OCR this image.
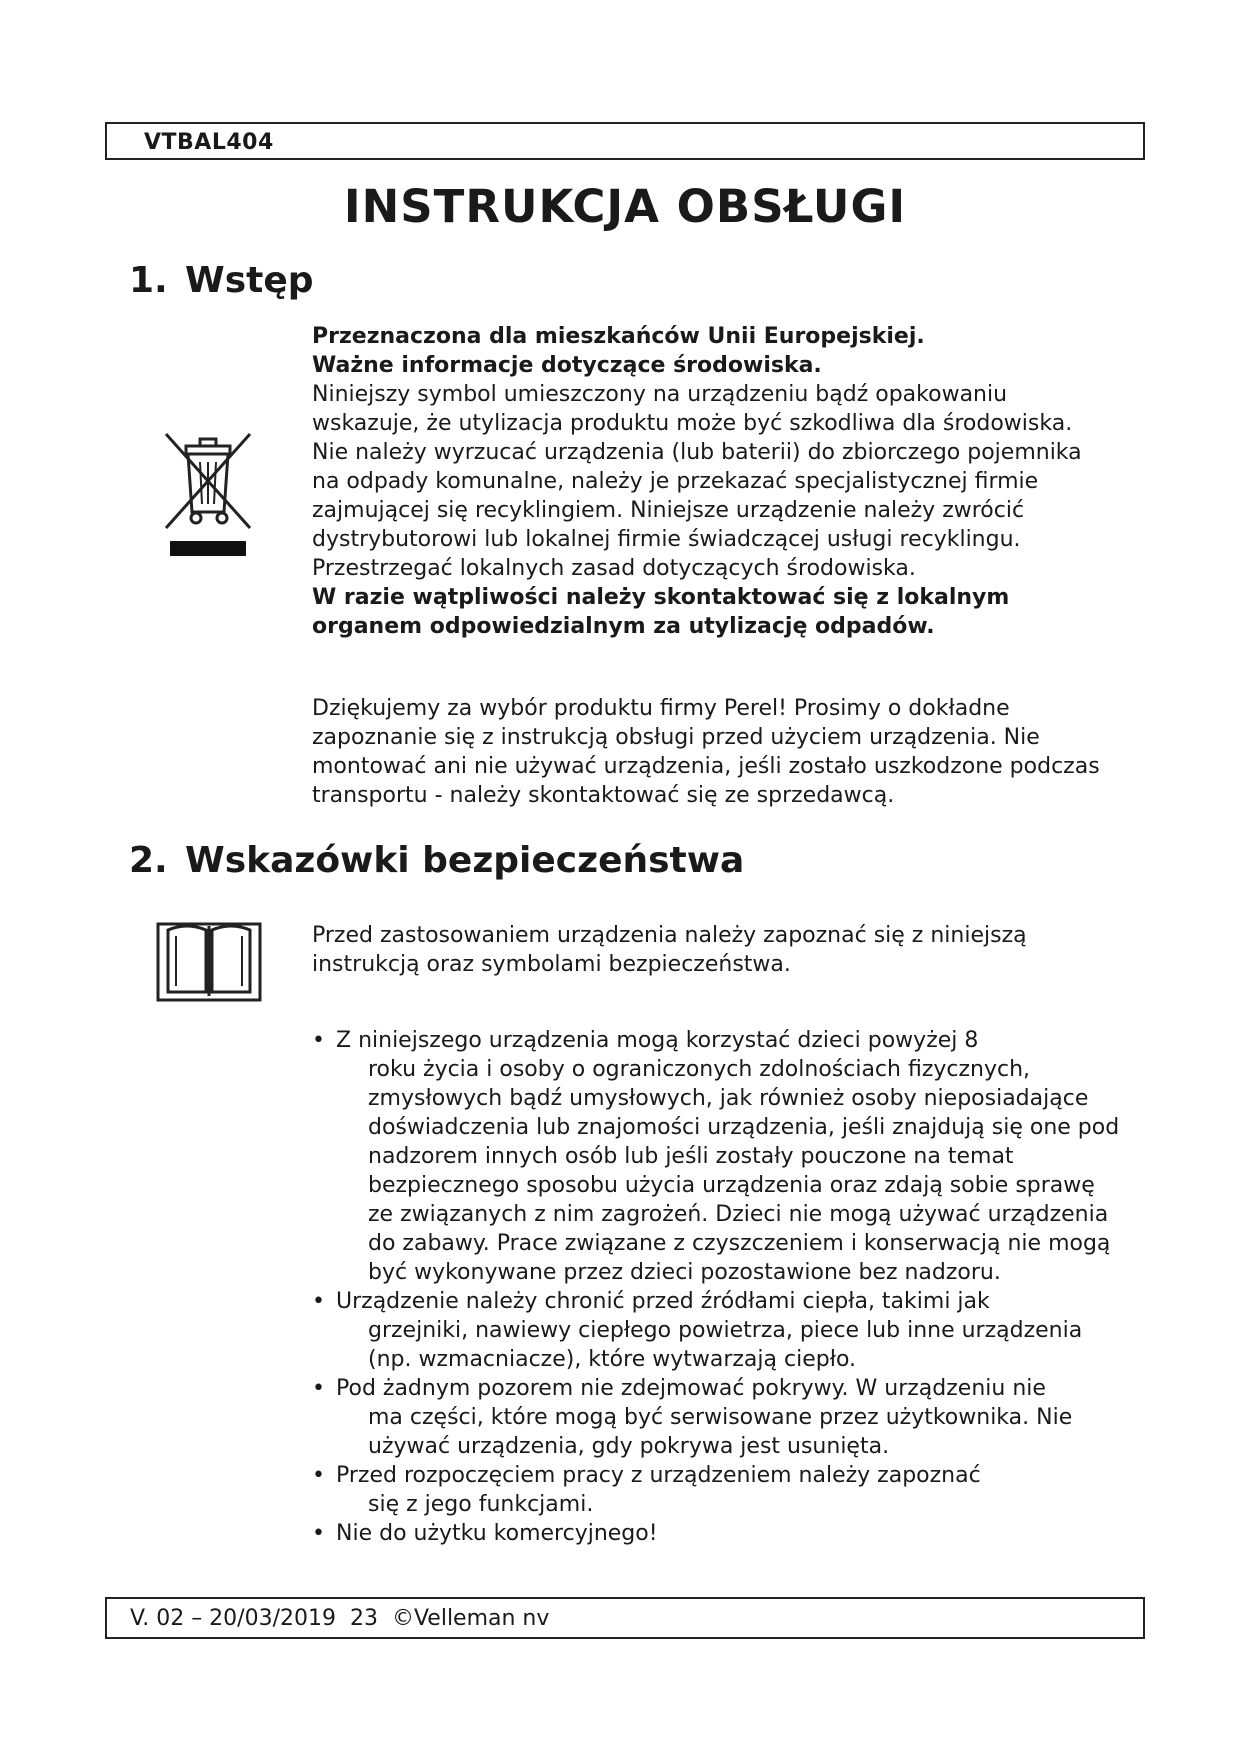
VTBAL404
INSTRUKCJA OBSŁUGI
1. Wstęp

Przeznaczona dla mieszkańców Unii Europejskiej.

Ważne informacje dotyczące środowiska.

Niniejszy symbol umieszczony na urządzeniu bądź opakowaniu wskazuje, że utylizacja produktu może być szkodliwa dla środowiska. Nie należy wyrzucać urządzenia (lub baterii) do zbiorczego pojemnika na odpady komunalne, należy je przekazać specjalistycznej firmie zajmującej się recyklingiem. Niniejsze urządzenie należy zwrócić dystrybutorowi lub lokalnej firmie świadczącej usługi recyklingu. Przestrzegać lokalnych zasad dotyczących środowiska.

W razie wątpliwości należy skontaktować się z lokalnym organem odpowiedzialnym za utylizację odpadów.

Dziękujemy za wybór produktu firmy Perel! Prosimy o dokładne zapoznanie się z instrukcją obsługi przed użyciem urządzenia. Nie montować ani nie używać urządzenia, jeśli zostało uszkodzone podczas transportu - należy skontaktować się ze sprzedawcą.

2. Wskazówki bezpieczeństwa

Przed zastosowaniem urządzenia należy zapoznać się z niniejszą instrukcją oraz symbolami bezpieczeństwa.

• Z niniejszego urządzenia mogą korzystać dzieci powyżej 8
roku życia i osoby o ograniczonych zdolnościach fizycznych, zmysłowych bądź umysłowych, jak również osoby nieposiadające doświadczenia lub znajomości urządzenia, jeśli znajdują się one pod nadzorem innych osób lub jeśli zostały pouczone na temat bezpiecznego sposobu użycia urządzenia oraz zdają sobie sprawę ze związanych z nim zagrożeń. Dzieci nie mogą używać urządzenia do zabawy. Prace związane z czyszczeniem i konserwacją nie mogą być wykonywane przez dzieci pozostawione bez nadzoru.
• Urządzenie należy chronić przed źródłami ciepła, takimi jak
grzejniki, nawiewy ciepłego powietrza, piece lub inne urządzenia (np. wzmacniacze), które wytwarzają ciepło.
• Pod żadnym pozorem nie zdejmować pokrywy. W urządzeniu nie
ma części, które mogą być serwisowane przez użytkownika. Nie używać urządzenia, gdy pokrywa jest usunięta.
• Przed rozpoczęciem pracy z urządzeniem należy zapoznać
się z jego funkcjami.
• Nie do użytku komercyjnego!
V. 02 – 20/03/2019  23  ©Velleman nv
